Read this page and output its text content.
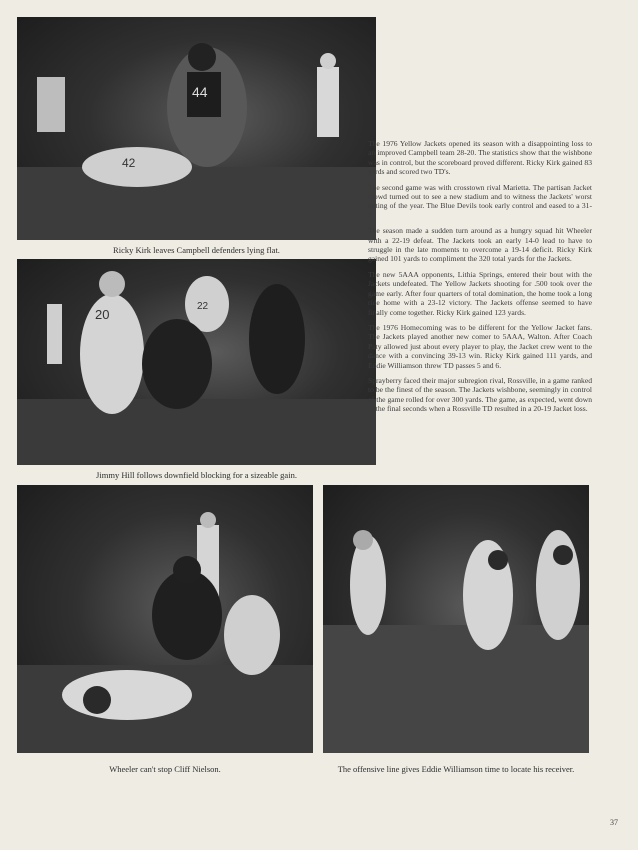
44
42
Ricky Kirk leaves Campbell defenders lying flat.
20
22
Jimmy Hill follows downfield blocking for a sizeable gain.

The 1976 Yellow Jackets opened its season with a disappointing loss to an improved Campbell team 28-20. The statistics show that the wishbone was in control, but the scoreboard proved different. Ricky Kirk gained 83 yards and scored two TD's.

The second game was with crosstown rival Marietta. The partisan Jacket crowd turned out to see a new stadium and to witness the Jackets' worst outing of the year. The Blue Devils took early control and eased to a 31-7.

The season made a sudden turn around as a hungry squad hit Wheeler with a 22-19 defeat. The Jackets took an early 14-0 lead to have to struggle in the late moments to overcome a 19-14 deficit. Ricky Kirk gained 101 yards to compliment the 320 total yards for the Jackets.

The new 5AAA opponents, Lithia Springs, entered their bout with the Jackets undefeated. The Yellow Jackets shooting for .500 took over the game early. After four quarters of total domination, the home took a long ride home with a 23-12 victory. The Jackets offense seemed to have finally come together. Ricky Kirk gained 123 yards.

The 1976 Homecoming was to be different for the Yellow Jacket fans. The Jackets played another new comer to 5AAA, Walton. After Coach Paty allowed just about every player to play, the Jacket crew went to the dance with a convincing 39-13 win. Ricky Kirk gained 111 yards, and Eddie Williamson threw TD passes 5 and 6.

Sprayberry faced their major subregion rival, Rossville, in a game ranked to be the finest of the season. The Jackets wishbone, seemingly in control of the game rolled for over 300 yards. The game, as expected, went down to the final seconds when a Rossville TD resulted in a 20-19 Jacket loss.

Wheeler can't stop Cliff Nielson.	The offensive line gives Eddie Williamson time to locate his receiver.
37
